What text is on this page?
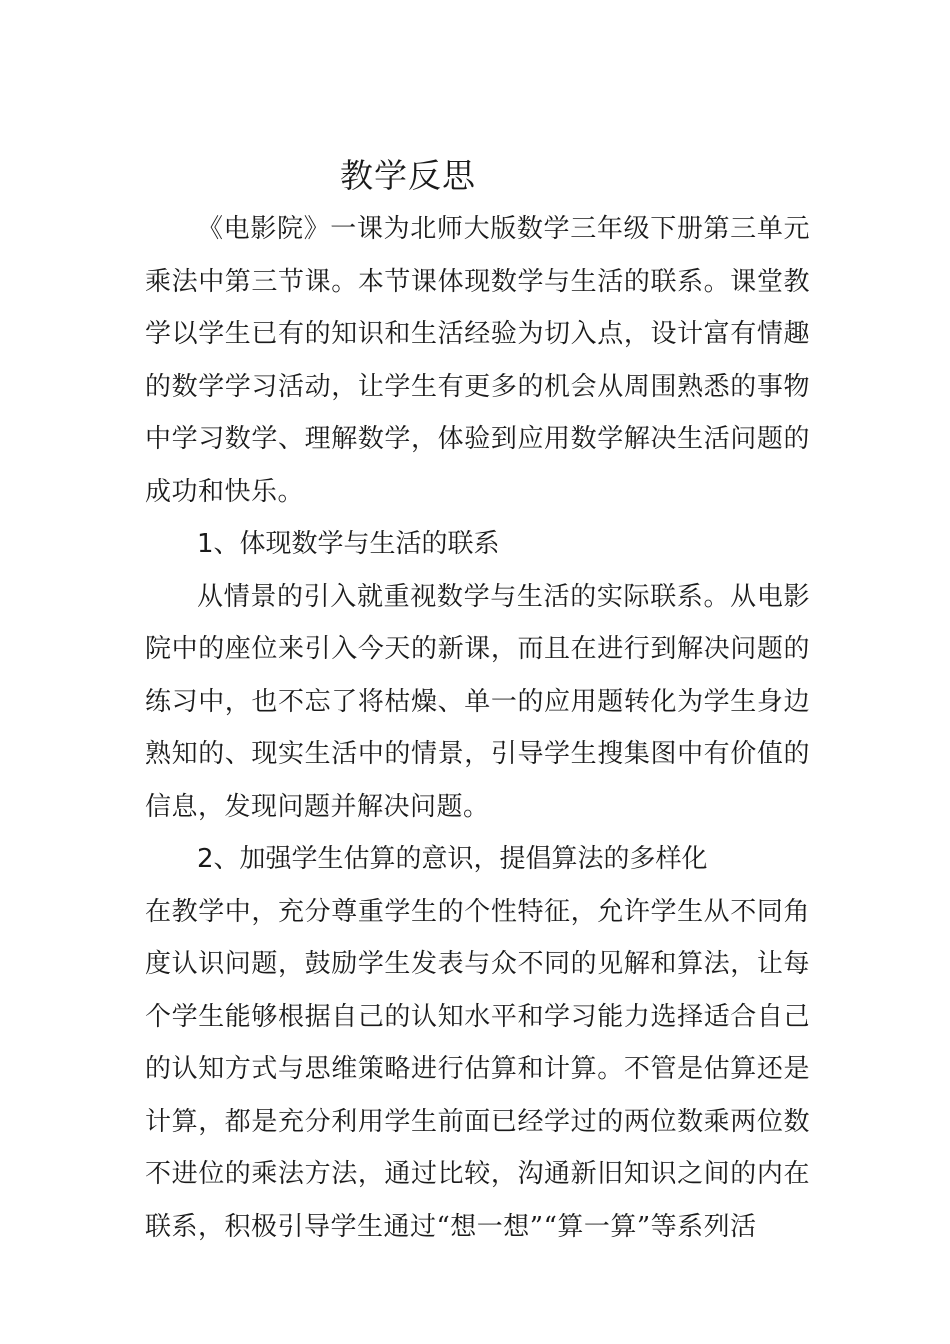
教学反思

《电影院》一课为北师大版数学三年级下册第三单元乘法中第三节课。本节课体现数学与生活的联系。课堂教学以学生已有的知识和生活经验为切入点，设计富有情趣的数学学习活动，让学生有更多的机会从周围熟悉的事物中学习数学、理解数学，体验到应用数学解决生活问题的成功和快乐。

1、体现数学与生活的联系

从情景的引入就重视数学与生活的实际联系。从电影院中的座位来引入今天的新课，而且在进行到解决问题的练习中，也不忘了将枯燥、单一的应用题转化为学生身边熟知的、现实生活中的情景，引导学生搜集图中有价值的信息，发现问题并解决问题。

2、加强学生估算的意识，提倡算法的多样化

在教学中，充分尊重学生的个性特征，允许学生从不同角度认识问题，鼓励学生发表与众不同的见解和算法，让每个学生能够根据自己的认知水平和学习能力选择适合自己的认知方式与思维策略进行估算和计算。不管是估算还是计算，都是充分利用学生前面已经学过的两位数乘两位数不进位的乘法方法，通过比较，沟通新旧知识之间的内在联系，积极引导学生通过“想一想”“算一算”等系列活
